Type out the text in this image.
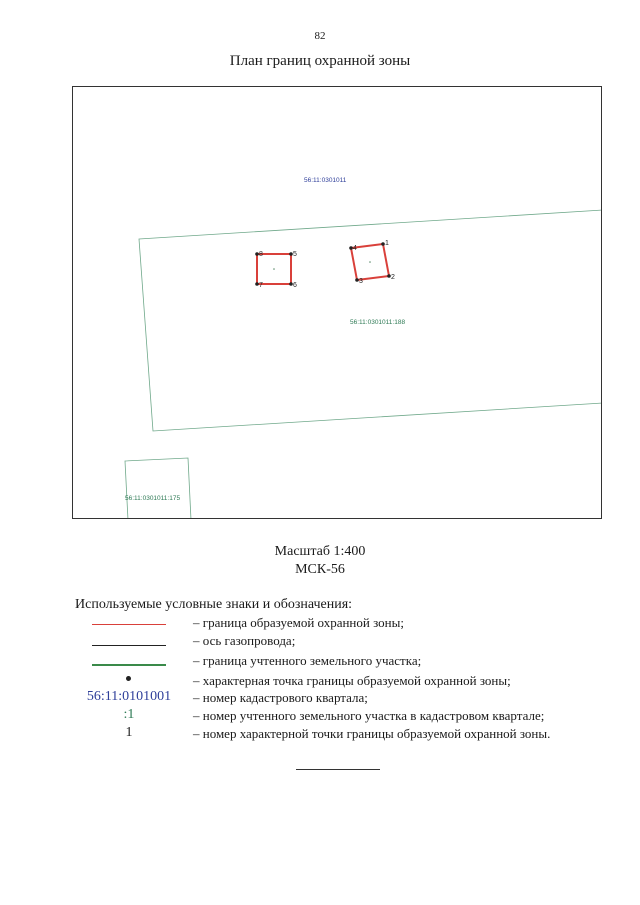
82
План границ охранной зоны
56:11:0301011
56:11:0301011:188
56:11:0301011:175
1
2
3
4
5
6
7
8
Масштаб 1:400
МСК-56
Используемые условные знаки и обозначения:
– граница образуемой охранной зоны;
– ось газопровода;
– граница учтенного земельного участка;
– характерная точка границы образуемой охранной зоны;
56:11:0101001	– номер кадастрового квартала;
:1	– номер учтенного земельного участка в кадастровом квартале;
1	– номер характерной точки границы образуемой охранной зоны.
